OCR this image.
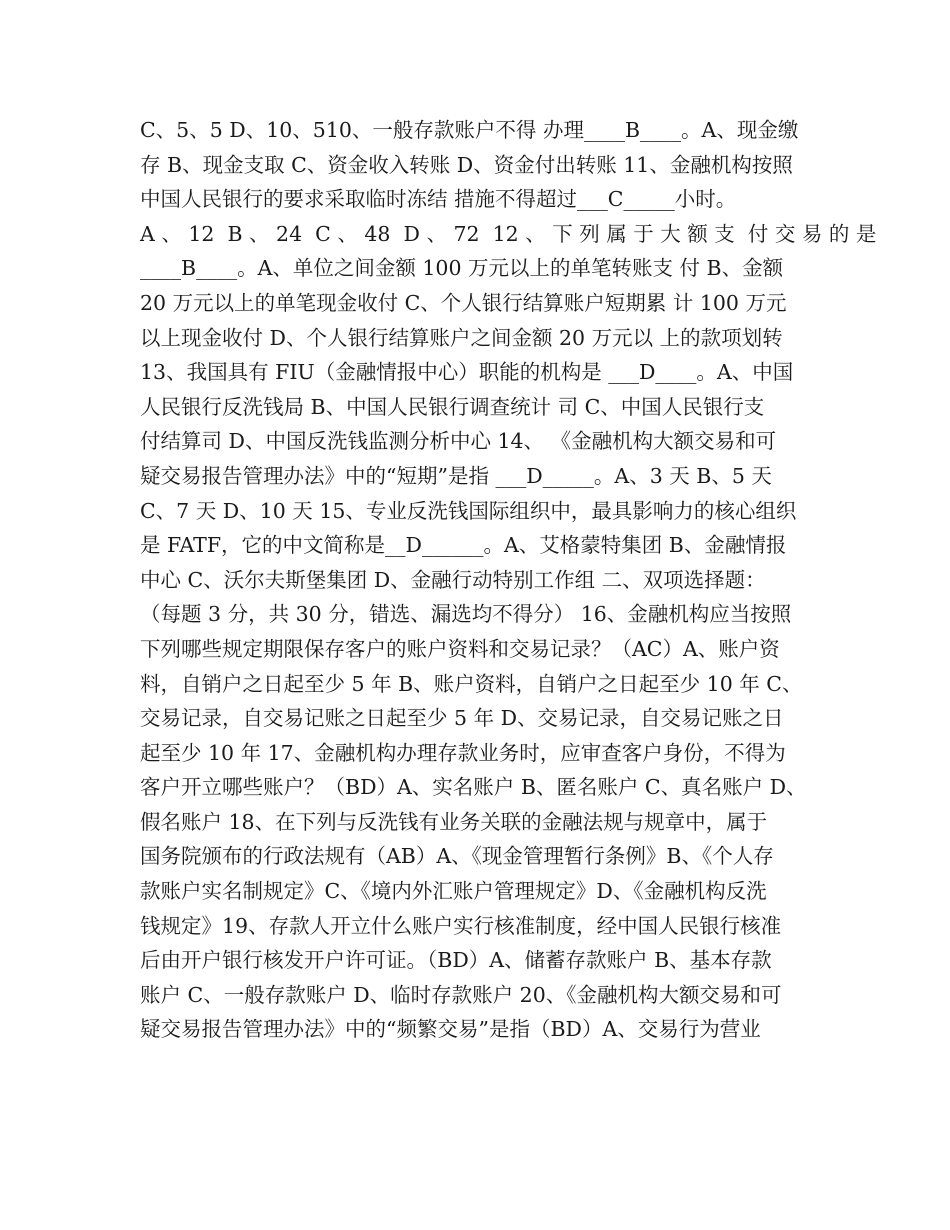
C、5、5 D、10、510、一般存款账户不得 办理____B____。A、现金缴
存 B、现金支取 C、资金收入转账 D、资金付出转账 11、金融机构按照
中国人民银行的要求采取临时冻结 措施不得超过___C_____小时。
A 、 12  B 、 24  C 、 48  D 、 72  12 、 下 列 属 于 大 额 支  付 交 易 的 是
____B____。A、单位之间金额 100 万元以上的单笔转账支 付 B、金额
20 万元以上的单笔现金收付 C、个人银行结算账户短期累 计 100 万元
以上现金收付 D、个人银行结算账户之间金额 20 万元以 上的款项划转
13、我国具有 FIU（金融情报中心）职能的机构是 ___D____。A、中国
人民银行反洗钱局 B、中国人民银行调查统计 司 C、中国人民银行支
付结算司 D、中国反洗钱监测分析中心 14、 《金融机构大额交易和可
疑交易报告管理办法》中的“短期”是指 ___D_____。A、3 天 B、5 天
C、7 天 D、10 天 15、专业反洗钱国际组织中，最具影响力的核心组织
是 FATF，它的中文简称是__D______。A、艾格蒙特集团 B、金融情报
中心 C、沃尔夫斯堡集团 D、金融行动特别工作组 二、双项选择题：
（每题 3 分，共 30 分，错选、漏选均不得分） 16、金融机构应当按照
下列哪些规定期限保存客户的账户资料和交易记录？（AC）A、账户资
料，自销户之日起至少 5 年 B、账户资料，自销户之日起至少 10 年 C、
交易记录，自交易记账之日起至少 5 年 D、交易记录，自交易记账之日
起至少 10 年 17、金融机构办理存款业务时，应审查客户身份，不得为
客户开立哪些账户？（BD）A、实名账户 B、匿名账户 C、真名账户 D、
假名账户 18、在下列与反洗钱有业务关联的金融法规与规章中，属于
国务院颁布的行政法规有（AB）A、《现金管理暂行条例》B、《个人存
款账户实名制规定》C、《境内外汇账户管理规定》D、《金融机构反洗
钱规定》19、存款人开立什么账户实行核准制度，经中国人民银行核准
后由开户银行核发开户许可证。（BD）A、储蓄存款账户 B、基本存款
账户 C、一般存款账户 D、临时存款账户 20、《金融机构大额交易和可
疑交易报告管理办法》中的“频繁交易”是指（BD）A、交易行为营业
